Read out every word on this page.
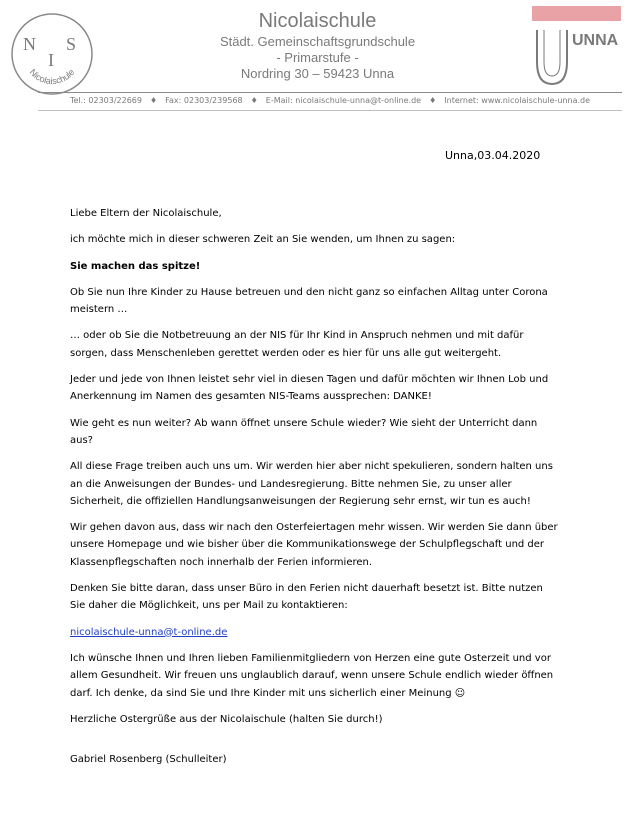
N
I
S
Nicolaischule
Nicolaischule
Städt. Gemeinschaftsgrundschule
- Primarstufe -
Nordring 30 – 59423 Unna
UNNA
Tel.: 02303/22669 ♦ Fax: 02303/239568 ♦ E-Mail: nicolaischule-unna@t-online.de ♦ Internet: www.nicolaischule-unna.de
Unna,03.04.2020

Liebe Eltern der Nicolaischule,

ich möchte mich in dieser schweren Zeit an Sie wenden, um Ihnen zu sagen:

Sie machen das spitze!

Ob Sie nun Ihre Kinder zu Hause betreuen und den nicht ganz so einfachen Alltag unter Corona meistern …

… oder ob Sie die Notbetreuung an der NIS für Ihr Kind in Anspruch nehmen und mit dafür sorgen, dass Menschenleben gerettet werden oder es hier für uns alle gut weitergeht.

Jeder und jede von Ihnen leistet sehr viel in diesen Tagen und dafür möchten wir Ihnen Lob und Anerkennung im Namen des gesamten NIS-Teams aussprechen: DANKE!

Wie geht es nun weiter? Ab wann öffnet unsere Schule wieder? Wie sieht der Unterricht dann aus?

All diese Frage treiben auch uns um. Wir werden hier aber nicht spekulieren, sondern halten uns an die Anweisungen der Bundes- und Landesregierung. Bitte nehmen Sie, zu unser aller Sicherheit, die offiziellen Handlungsanweisungen der Regierung sehr ernst, wir tun es auch!

Wir gehen davon aus, dass wir nach den Osterfeiertagen mehr wissen. Wir werden Sie dann über unsere Homepage und wie bisher über die Kommunikationswege der Schulpflegschaft und der Klassenpflegschaften noch innerhalb der Ferien informieren.

Denken Sie bitte daran, dass unser Büro in den Ferien nicht dauerhaft besetzt ist. Bitte nutzen Sie daher die Möglichkeit, uns per Mail zu kontaktieren:

nicolaischule-unna@t-online.de

Ich wünsche Ihnen und Ihren lieben Familienmitgliedern von Herzen eine gute Osterzeit und vor allem Gesundheit. Wir freuen uns unglaublich darauf, wenn unsere Schule endlich wieder öffnen darf. Ich denke, da sind Sie und Ihre Kinder mit uns sicherlich einer Meinung ☺

Herzliche Ostergrüße aus der Nicolaischule (halten Sie durch!)

Gabriel Rosenberg (Schulleiter)
